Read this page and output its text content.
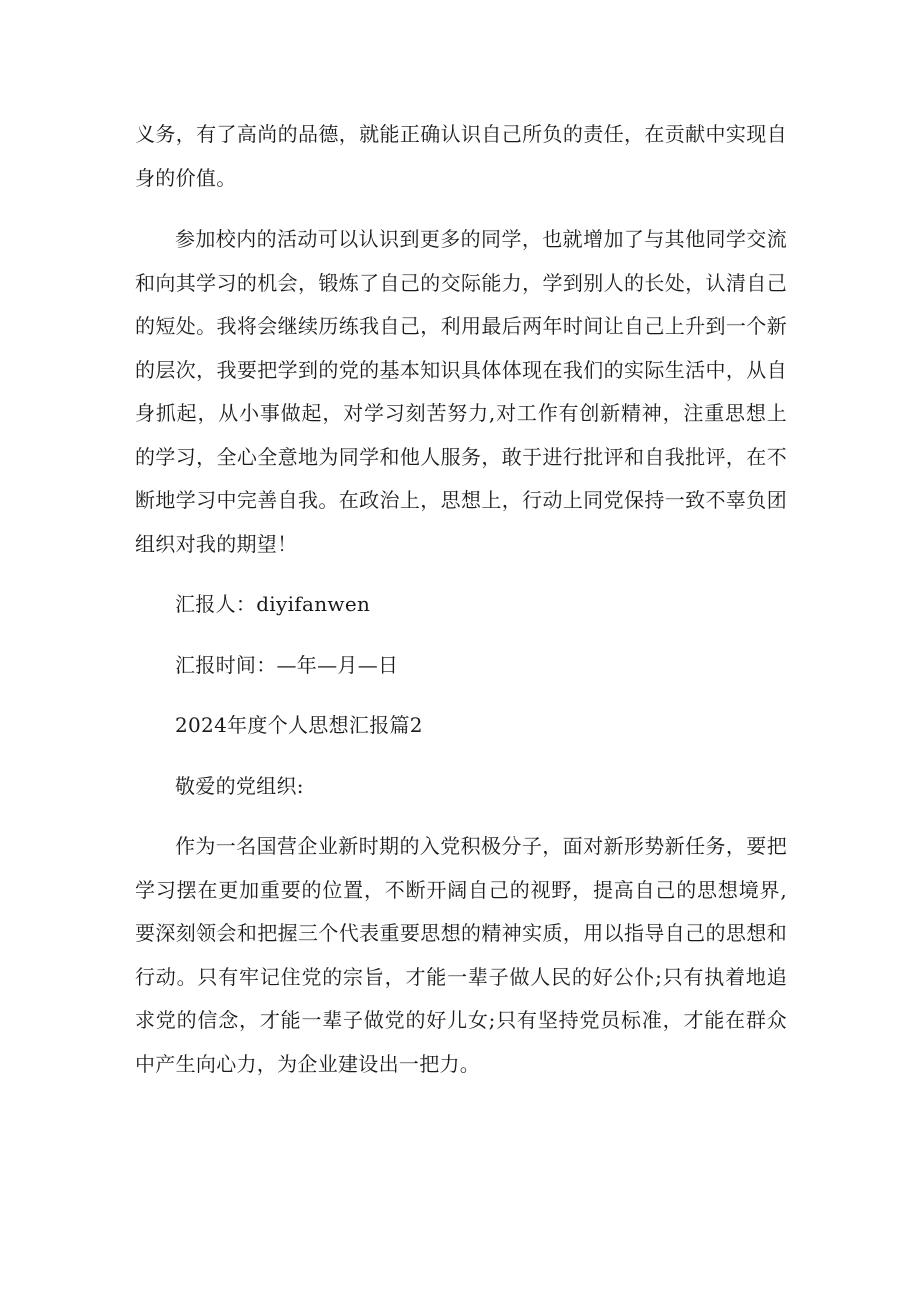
义务，有了高尚的品德，就能正确认识自己所负的责任，在贡献中实现自身的价值。

参加校内的活动可以认识到更多的同学，也就增加了与其他同学交流和向其学习的机会，锻炼了自己的交际能力，学到别人的长处，认清自己的短处。我将会继续历练我自己，利用最后两年时间让自己上升到一个新的层次，我要把学到的党的基本知识具体体现在我们的实际生活中，从自身抓起，从小事做起，对学习刻苦努力,对工作有创新精神，注重思想上的学习，全心全意地为同学和他人服务，敢于进行批评和自我批评，在不断地学习中完善自我。在政治上，思想上，行动上同党保持一致不辜负团组织对我的期望！

汇报人：diyifanwen

汇报时间：—年—月—日

2024年度个人思想汇报篇2

敬爱的党组织:

作为一名国营企业新时期的入党积极分子，面对新形势新任务，要把学习摆在更加重要的位置，不断开阔自己的视野，提高自己的思想境界,要深刻领会和把握三个代表重要思想的精神实质，用以指导自己的思想和行动。只有牢记住党的宗旨，才能一辈子做人民的好公仆;只有执着地追求党的信念，才能一辈子做党的好儿女;只有坚持党员标准，才能在群众中产生向心力，为企业建设出一把力。
